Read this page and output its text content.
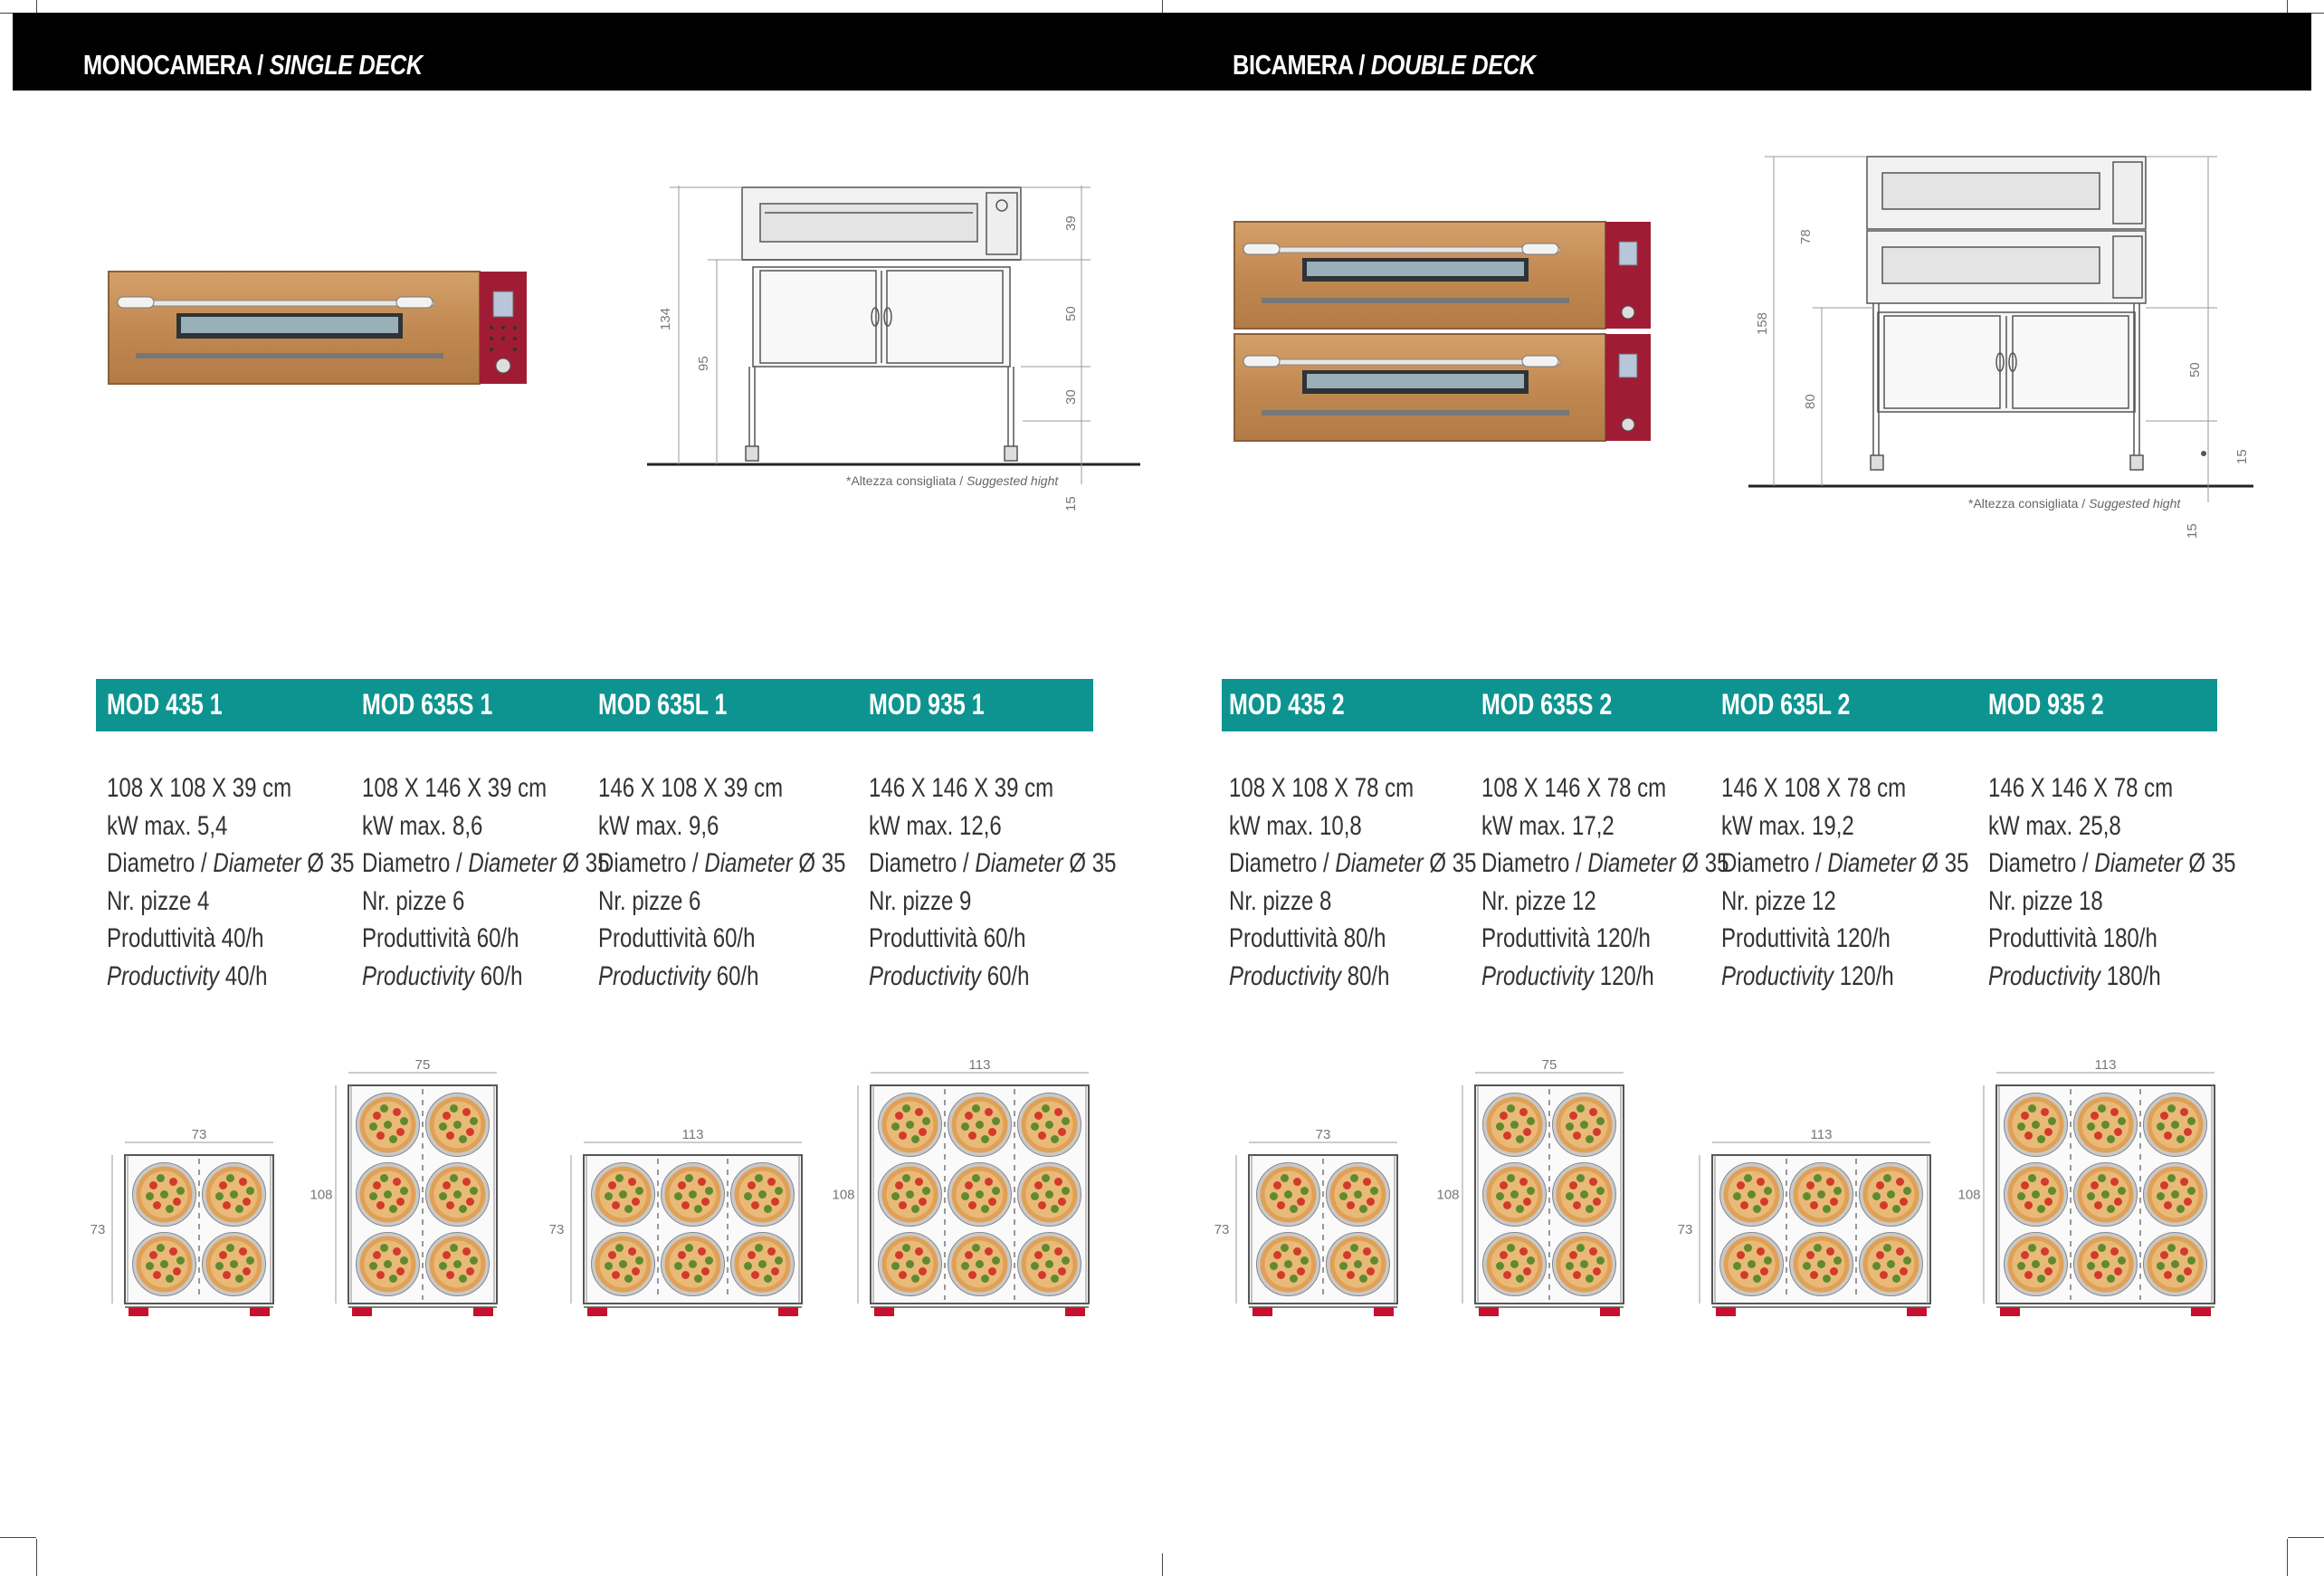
MONOCAMERA / SINGLE DECK	BICAMERA / DOUBLE DECK
134
95
39
50
30
15
*Altezza consigliata / Suggested hight
158
80
78
50
15
15
*Altezza consigliata / Suggested hight
MOD 435 1
108 X 108 X 39 cm
kW max. 5,4
Diametro / Diameter Ø 35
Nr. pizze 4
Produttività 40/h
Productivity 40/h
MOD 635S 1
108 X 146 X 39 cm
kW max. 8,6
Diametro / Diameter Ø 35
Nr. pizze 6
Produttività 60/h
Productivity 60/h
MOD 635L 1
146 X 108 X 39 cm
kW max. 9,6
Diametro / Diameter Ø 35
Nr. pizze 6
Produttività 60/h
Productivity 60/h
MOD 935 1
146 X 146 X 39 cm
kW max. 12,6
Diametro / Diameter Ø 35
Nr. pizze 9
Produttività 60/h
Productivity 60/h
MOD 435 2
108 X 108 X 78 cm
kW max. 10,8
Diametro / Diameter Ø 35
Nr. pizze 8
Produttività 80/h
Productivity 80/h
MOD 635S 2
108 X 146 X 78 cm
kW max. 17,2
Diametro / Diameter Ø 35
Nr. pizze 12
Produttività 120/h
Productivity 120/h
MOD 635L 2
146 X 108 X 78 cm
kW max. 19,2
Diametro / Diameter Ø 35
Nr. pizze 12
Produttività 120/h
Productivity 120/h
MOD 935 2
146 X 146 X 78 cm
kW max. 25,8
Diametro / Diameter Ø 35
Nr. pizze 18
Produttività 180/h
Productivity 180/h
73
73
75
108
113
73
113
108
73
73
75
108
113
73
113
108
